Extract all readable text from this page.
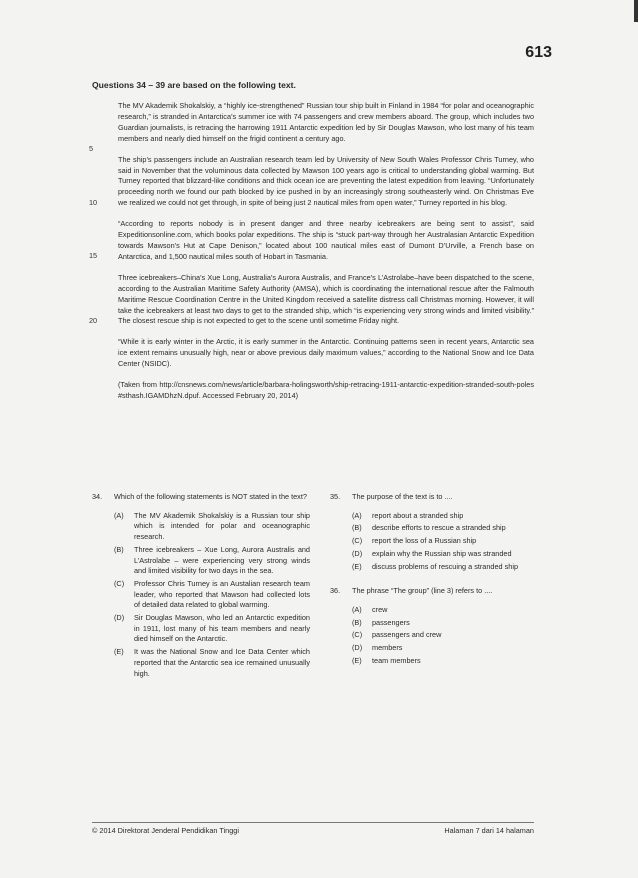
613
Questions 34 – 39 are based on the following text.

The MV Akademik Shokalskiy, a “highly ice-strengthened” Russian tour ship built in Finland in 1984 “for polar and oceanographic research,” is stranded in Antarctica’s summer ice with 74 passengers and crew members aboard. The group, which includes two Guardian journalists, is retracing the harrowing 1911 Antarctic expedition led by Sir Douglas Mawson, who lost many of his team members and nearly died himself on the frigid continent a century ago.
5

The ship’s passengers include an Australian research team led by University of New South Wales Professor Chris Turney, who said in November that the voluminous data collected by Mawson 100 years ago is critical to understanding global warming. But Turney reported that blizzard-like conditions and thick ocean ice are preventing the latest expedition from leaving. “Unfortunately proceeding north we found our path blocked by ice pushed in by an increasingly strong southeasterly wind. On Christmas Eve we realized we could not get through, in spite of being just 2 nautical miles from open water,” Turney reported in his blog.
10

“According to reports nobody is in present danger and three nearby icebreakers are being sent to assist”, said Expeditionsonline.com, which books polar expeditions. The ship is “stuck part-way through her Australasian Antarctic Expedition towards Mawson’s Hut at Cape Denison,” located about 100 nautical miles east of Dumont D’Urville, a French base on Antarctica, and 1,500 nautical miles south of Hobart in Tasmania.
15

Three icebreakers–China’s Xue Long, Australia’s Aurora Australis, and France’s L’Astrolabe–have been dispatched to the scene, according to the Australian Maritime Safety Authority (AMSA), which is coordinating the international rescue after the Falmouth Maritime Rescue Coordination Centre in the United Kingdom received a satellite distress call Christmas morning. However, it will take the icebreakers at least two days to get to the stranded ship, which “is experiencing very strong winds and limited visibility.” The closest rescue ship is not expected to get to the scene until sometime Friday night.
20

“While it is early winter in the Arctic, it is early summer in the Antarctic. Continuing patterns seen in recent years, Antarctic sea ice extent remains unusually high, near or above previous daily maximum values,” according to the National Snow and Ice Data Center (NSIDC).

(Taken from http://cnsnews.com/news/article/barbara-holingsworth/ship-retracing-1911-antarctic-expedition-stranded-south-poles#sthash.IGAMDhzN.dpuf. Accessed February 20, 2014)

34.	Which of the following statements is NOT stated in the text?
(A)	The MV Akademik Shokalskiy is a Russian tour ship which is intended for polar and oceanographic research.
(B)	Three icebreakers – Xue Long, Aurora Australis and L’Astrolabe – were experiencing very strong winds and limited visibility for two days in the sea.
(C)	Professor Chris Turney is an Austalian research team leader, who reported that Mawson had collected lots of detailed data related to global warming.
(D)	Sir Douglas Mawson, who led an Antarctic expedition in 1911, lost many of his team members and nearly died himself on the Antarctic.
(E)	It was the National Snow and Ice Data Center which reported that the Antarctic sea ice remained unusually high.
35.	The purpose of the text is to ....
(A)	report about a stranded ship
(B)	describe efforts to rescue a stranded ship
(C)	report the loss of a Russian ship
(D)	explain why the Russian ship was stranded
(E)	discuss problems of rescuing a stranded ship
36.	The phrase “The group” (line 3) refers to ....
(A)	crew
(B)	passengers
(C)	passengers and crew
(D)	members
(E)	team members
© 2014 Direktorat Jenderal Pendidikan Tinggi	Halaman 7 dari 14 halaman
